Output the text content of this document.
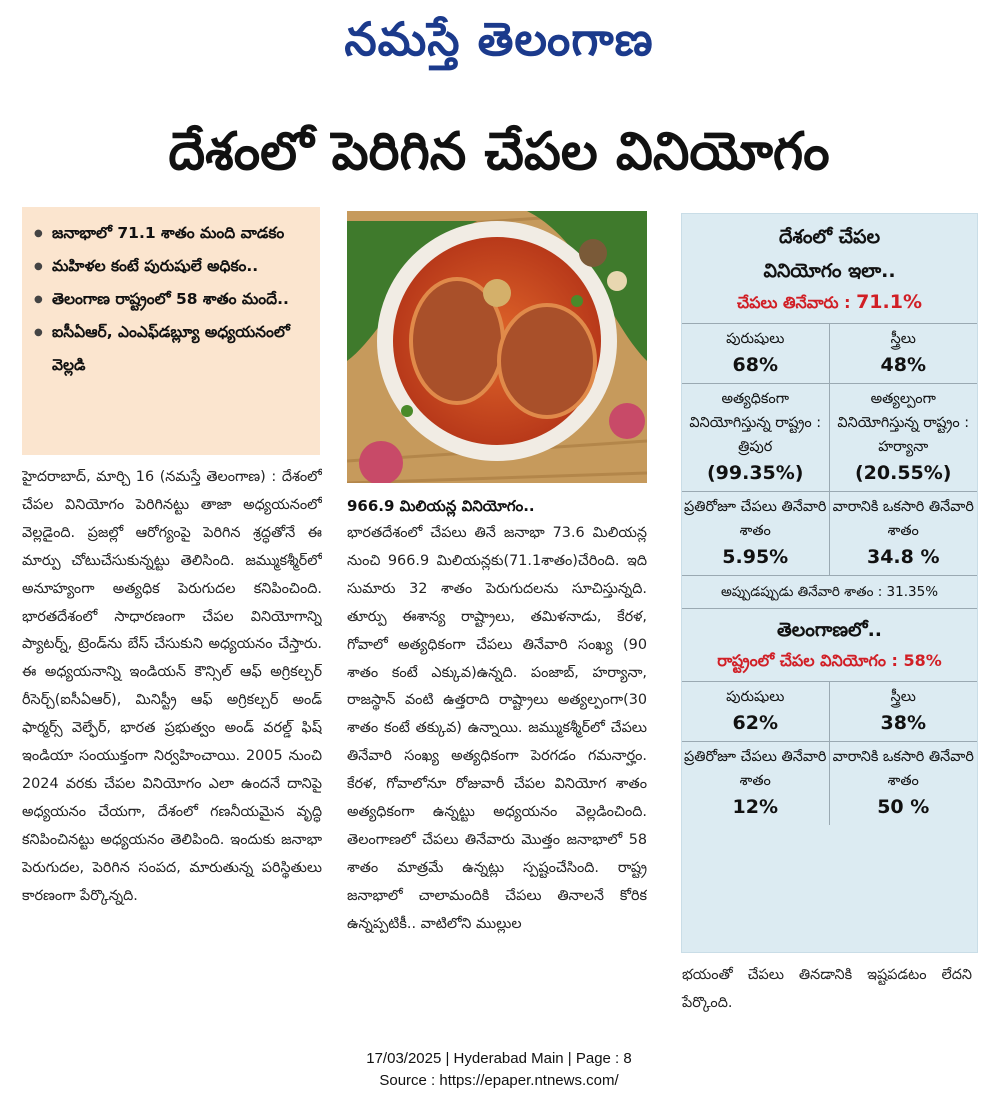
నమస్తే తెలంగాణ
దేశంలో పెరిగిన చేపల వినియోగం
● జనాభాలో 71.1 శాతం మంది వాడకం
● మహిళల కంటే పురుషులే అధికం..
● తెలంగాణ రాష్ట్రంలో 58 శాతం మందే..
● ఐసీఏఆర్, ఎంఎఫ్‌డబ్ల్యూ అధ్యయనంలో వెల్లడి
హైదరాబాద్, మార్చి 16 (నమస్తే తెలంగాణ) : దేశంలో చేపల వినియోగం పెరిగినట్టు తాజా అధ్యయనంలో వెల్లడైంది. ప్రజల్లో ఆరోగ్యంపై పెరిగిన శ్రద్ధతోనే ఈ మార్పు చోటుచేసుకున్నట్టు తెలిసింది. జమ్ముకశ్మీర్‌లో అనూహ్యంగా అత్యధిక పెరుగుదల కనిపించింది. భారతదేశంలో సాధారణంగా చేపల వినియోగాన్ని ప్యాటర్న్, ట్రెండ్‌ను బేస్ చేసుకుని అధ్యయనం చేస్తారు. ఈ అధ్యయనాన్ని ఇండియన్ కౌన్సిల్ ఆఫ్ అగ్రికల్చర్ రీసెర్చ్(ఐసీఏఆర్), మినిస్ట్రీ ఆఫ్ అగ్రికల్చర్ అండ్ ఫార్మర్స్ వెల్ఫేర్, భారత ప్రభుత్వం అండ్ వరల్డ్ ఫిష్ ఇండియా సంయుక్తంగా నిర్వహించాయి. 2005 నుంచి 2024 వరకు చేపల వినియోగం ఎలా ఉందనే దానిపై అధ్యయనం చేయగా, దేశంలో గణనీయమైన వృద్ధి కనిపించినట్టు అధ్యయనం తెలిపింది. ఇందుకు జనాభా పెరుగుదల, పెరిగిన సంపద, మారుతున్న పరిస్థితులు కారణంగా పేర్కొన్నది.
966.9 మిలియన్ల వినియోగం..
భారతదేశంలో చేపలు తినే జనాభా 73.6 మిలియన్ల నుంచి 966.9 మిలియన్లకు(71.1శాతం)చేరింది. ఇది సుమారు 32 శాతం పెరుగుదలను సూచిస్తున్నది. తూర్పు ఈశాన్య రాష్ట్రాలు, తమిళనాడు, కేరళ, గోవాలో అత్యధికంగా చేపలు తినేవారి సంఖ్య (90 శాతం కంటే ఎక్కువ)ఉన్నది. పంజాబ్, హర్యానా, రాజస్థాన్ వంటి ఉత్తరాది రాష్ట్రాలు అత్యల్పంగా(30 శాతం కంటే తక్కువ) ఉన్నాయి. జమ్ముకశ్మీర్‌లో చేపలు తినేవారి సంఖ్య అత్యధికంగా పెరగడం గమనార్హం. కేరళ, గోవాలోనూ రోజువారీ చేపల వినియోగ శాతం అత్యధికంగా ఉన్నట్టు అధ్యయనం వెల్లడించింది. తెలంగాణలో చేపలు తినేవారు మొత్తం జనాభాలో 58 శాతం మాత్రమే ఉన్నట్లు స్పష్టంచేసింది. రాష్ట్ర జనాభాలో చాలామందికి చేపలు తినాలనే కోరిక ఉన్నప్పటికీ.. వాటిలోని ముల్లుల
దేశంలో చేపల
వినియోగం ఇలా..
చేపలు తినేవారు : 71.1%
పురుషులు
68%
స్త్రీలు
48%
అత్యధికంగా వినియోగిస్తున్న రాష్ట్రం : త్రిపుర
(99.35%)
అత్యల్పంగా వినియోగిస్తున్న రాష్ట్రం : హర్యానా
(20.55%)
ప్రతిరోజూ చేపలు తినేవారి శాతం
5.95%
వారానికి ఒకసారి తినేవారి శాతం
34.8 %
అప్పుడప్పుడు తినేవారి శాతం : 31.35%
తెలంగాణలో..
రాష్ట్రంలో చేపల వినియోగం : 58%
పురుషులు
62%
స్త్రీలు
38%
ప్రతిరోజూ చేపలు తినేవారి శాతం
12%
వారానికి ఒకసారి తినేవారి శాతం
50 %
భయంతో చేపలు తినడానికి ఇష్టపడటం లేదని పేర్కొంది.
17/03/2025 | Hyderabad Main | Page : 8
Source : https://epaper.ntnews.com/
